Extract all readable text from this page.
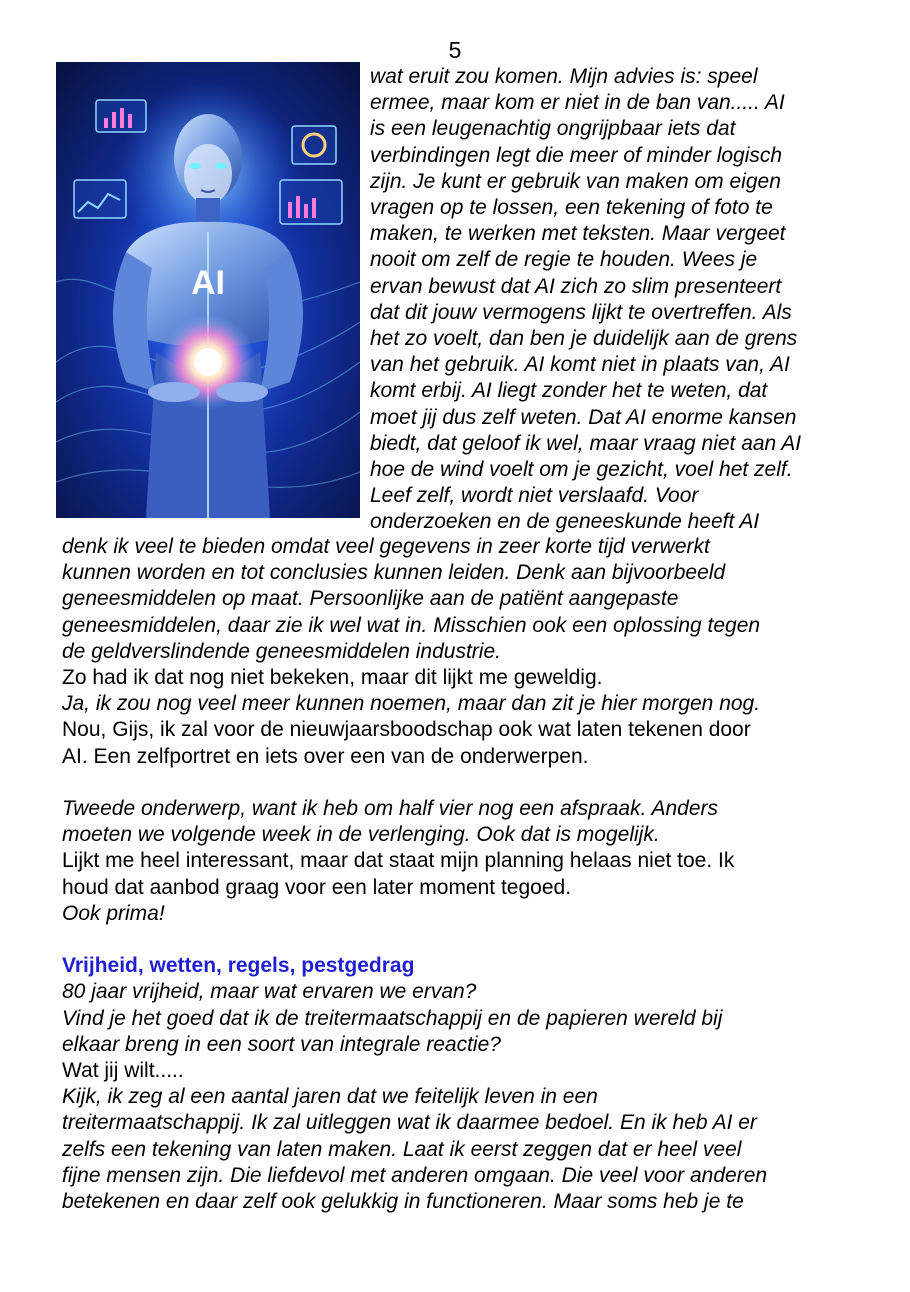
5
AI
wat eruit zou komen. Mijn advies is: speel
ermee, maar kom er niet in de ban van..... AI
is een leugenachtig ongrijpbaar iets dat
verbindingen legt die meer of minder logisch
zijn. Je kunt er gebruik van maken om eigen
vragen op te lossen, een tekening of foto te
maken, te werken met teksten. Maar vergeet
nooit om zelf de regie te houden. Wees je
ervan bewust dat AI zich zo slim presenteert
dat dit jouw vermogens lijkt te overtreffen. Als
het zo voelt, dan ben je duidelijk aan de grens
van het gebruik. AI komt niet in plaats van, AI
komt erbij. AI liegt zonder het te weten, dat
moet jij dus zelf weten. Dat AI enorme kansen
biedt, dat geloof ik wel, maar vraag niet aan AI
hoe de wind voelt om je gezicht, voel het zelf.
Leef zelf, wordt niet verslaafd. Voor
onderzoeken en de geneeskunde heeft AI
denk ik veel te bieden omdat veel gegevens in zeer korte tijd verwerkt
kunnen worden en tot conclusies kunnen leiden. Denk aan bijvoorbeeld
geneesmiddelen op maat. Persoonlijke aan de patiënt aangepaste
geneesmiddelen, daar zie ik wel wat in. Misschien ook een oplossing tegen
de geldverslindende geneesmiddelen industrie.
Zo had ik dat nog niet bekeken, maar dit lijkt me geweldig.
Ja, ik zou nog veel meer kunnen noemen, maar dan zit je hier morgen nog.
Nou, Gijs, ik zal voor de nieuwjaarsboodschap ook wat laten tekenen door
AI. Een zelfportret en iets over een van de onderwerpen.
Tweede onderwerp, want ik heb om half vier nog een afspraak. Anders
moeten we volgende week in de verlenging. Ook dat is mogelijk.
Lijkt me heel interessant, maar dat staat mijn planning helaas niet toe. Ik
houd dat aanbod graag voor een later moment tegoed.
Ook prima!
Vrijheid, wetten, regels, pestgedrag
80 jaar vrijheid, maar wat ervaren we ervan?
Vind je het goed dat ik de treitermaatschappij en de papieren wereld bij
elkaar breng in een soort van integrale reactie?
Wat jij wilt.....
Kijk, ik zeg al een aantal jaren dat we feitelijk leven in een
treitermaatschappij. Ik zal uitleggen wat ik daarmee bedoel. En ik heb AI er
zelfs een tekening van laten maken. Laat ik eerst zeggen dat er heel veel
fijne mensen zijn. Die liefdevol met anderen omgaan. Die veel voor anderen
betekenen en daar zelf ook gelukkig in functioneren. Maar soms heb je te
